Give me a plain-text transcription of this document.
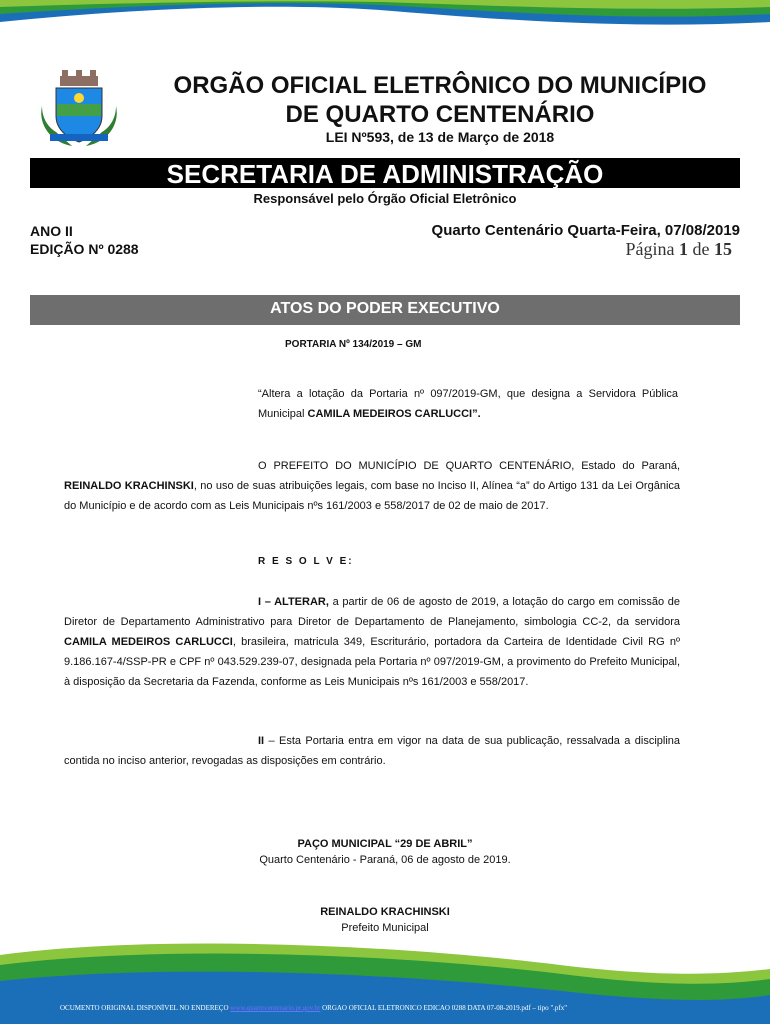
ORGÃO OFICIAL ELETRÔNICO DO MUNICÍPIO
DE QUARTO CENTENÁRIO
LEI Nº593, de 13 de Março de 2018
SECRETARIA DE ADMINISTRAÇÃO
Responsável pelo Órgão Oficial Eletrônico
ANO II
EDIÇÃO Nº 0288
Quarto Centenário Quarta-Feira, 07/08/2019
Página 1 de 15
ATOS DO PODER EXECUTIVO
PORTARIA Nº 134/2019 – GM
“Altera a lotação da Portaria nº 097/2019-GM, que designa a Servidora Pública Municipal CAMILA MEDEIROS CARLUCCI”.
O PREFEITO DO MUNICÍPIO DE QUARTO CENTENÁRIO, Estado do Paraná, REINALDO KRACHINSKI, no uso de suas atribuições legais, com base no Inciso II, Alínea “a” do Artigo 131 da Lei Orgânica do Município e de acordo com as Leis Municipais nºs 161/2003 e 558/2017 de 02 de maio de 2017.
R E S O L V E:
I – ALTERAR, a partir de 06 de agosto de 2019, a lotação do cargo em comissão de Diretor de Departamento Administrativo para Diretor de Departamento de Planejamento, simbologia CC-2, da servidora CAMILA MEDEIROS CARLUCCI, brasileira, matricula 349, Escriturário, portadora da Carteira de Identidade Civil RG nº 9.186.167-4/SSP-PR e CPF nº 043.529.239-07, designada pela Portaria nº 097/2019-GM, a provimento do Prefeito Municipal, à disposição da Secretaria da Fazenda, conforme as Leis Municipais nºs 161/2003 e 558/2017.
II – Esta Portaria entra em vigor na data de sua publicação, ressalvada a disciplina contida no inciso anterior, revogadas as disposições em contrário.
PAÇO MUNICIPAL “29 DE ABRIL”
Quarto Centenário - Paraná, 06 de agosto de 2019.
REINALDO KRACHINSKI
Prefeito Municipal
OCUMENTO ORIGINAL DISPONÍVEL NO ENDEREÇO www.quartocentenario.pr.gov.br ORGAO OFICIAL ELETRONICO EDICAO 0288 DATA 07-08-2019.pdf – tipo ".pfx"
